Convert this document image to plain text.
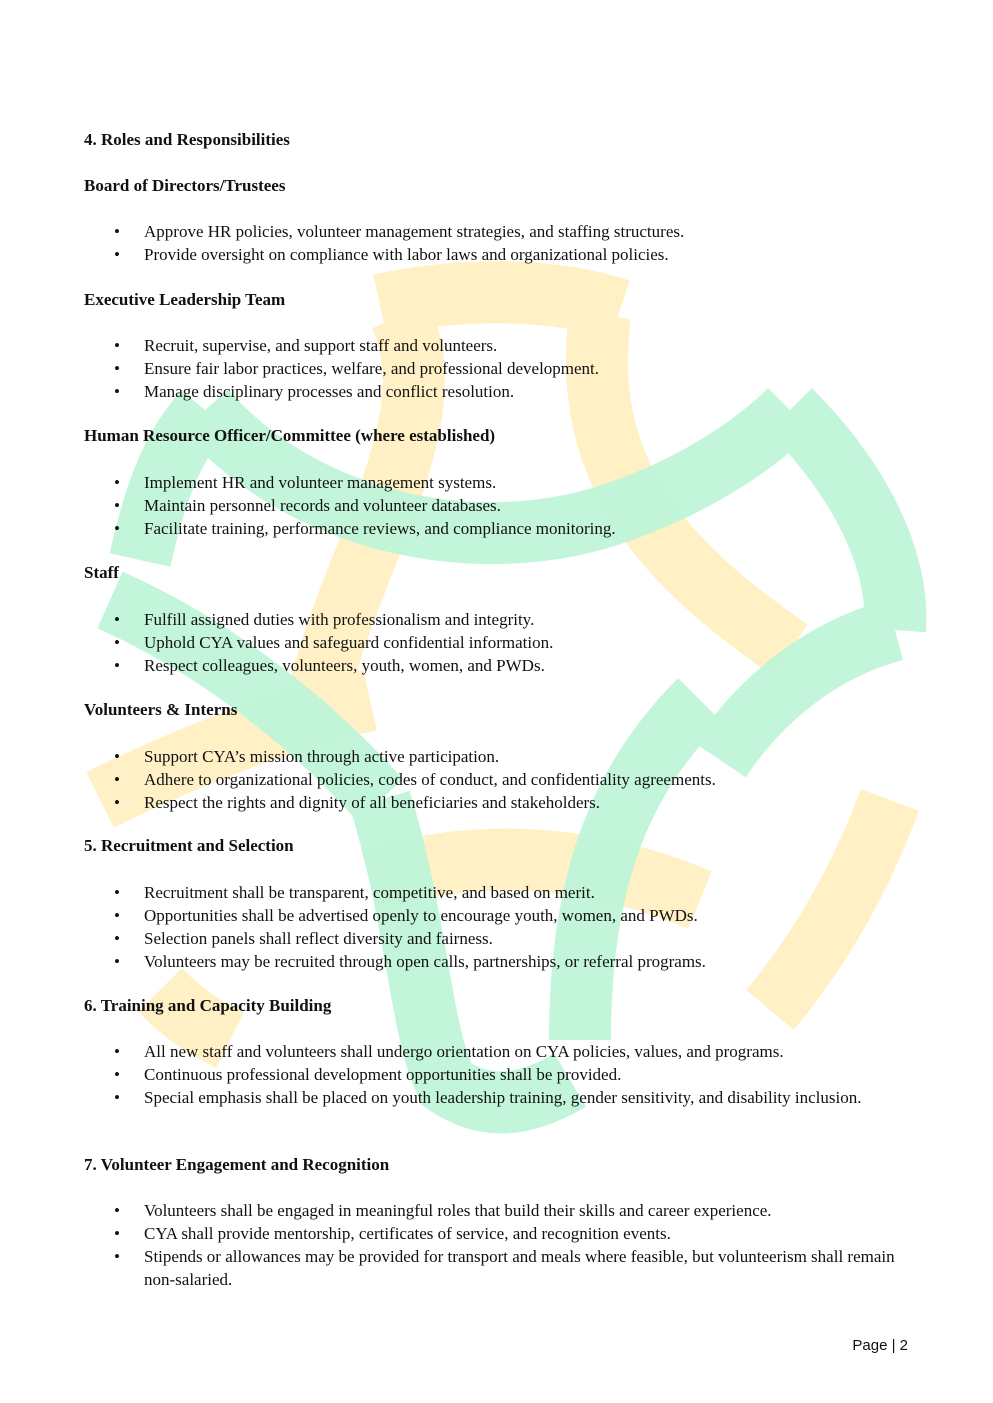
4. Roles and Responsibilities

Board of Directors/Trustees

• Approve HR policies, volunteer management strategies, and staffing structures.
• Provide oversight on compliance with labor laws and organizational policies.

Executive Leadership Team

• Recruit, supervise, and support staff and volunteers.
• Ensure fair labor practices, welfare, and professional development.
• Manage disciplinary processes and conflict resolution.

Human Resource Officer/Committee (where established)

• Implement HR and volunteer management systems.
• Maintain personnel records and volunteer databases.
• Facilitate training, performance reviews, and compliance monitoring.

Staff

• Fulfill assigned duties with professionalism and integrity.
• Uphold CYA values and safeguard confidential information.
• Respect colleagues, volunteers, youth, women, and PWDs.

Volunteers & Interns

• Support CYA’s mission through active participation.
• Adhere to organizational policies, codes of conduct, and confidentiality agreements.
• Respect the rights and dignity of all beneficiaries and stakeholders.

5. Recruitment and Selection

• Recruitment shall be transparent, competitive, and based on merit.
• Opportunities shall be advertised openly to encourage youth, women, and PWDs.
• Selection panels shall reflect diversity and fairness.
• Volunteers may be recruited through open calls, partnerships, or referral programs.

6. Training and Capacity Building

• All new staff and volunteers shall undergo orientation on CYA policies, values, and programs.
• Continuous professional development opportunities shall be provided.
• Special emphasis shall be placed on youth leadership training, gender sensitivity, and disability inclusion.

7. Volunteer Engagement and Recognition

• Volunteers shall be engaged in meaningful roles that build their skills and career experience.
• CYA shall provide mentorship, certificates of service, and recognition events.
• Stipends or allowances may be provided for transport and meals where feasible, but volunteerism shall remain non-salaried.
Page | 2
